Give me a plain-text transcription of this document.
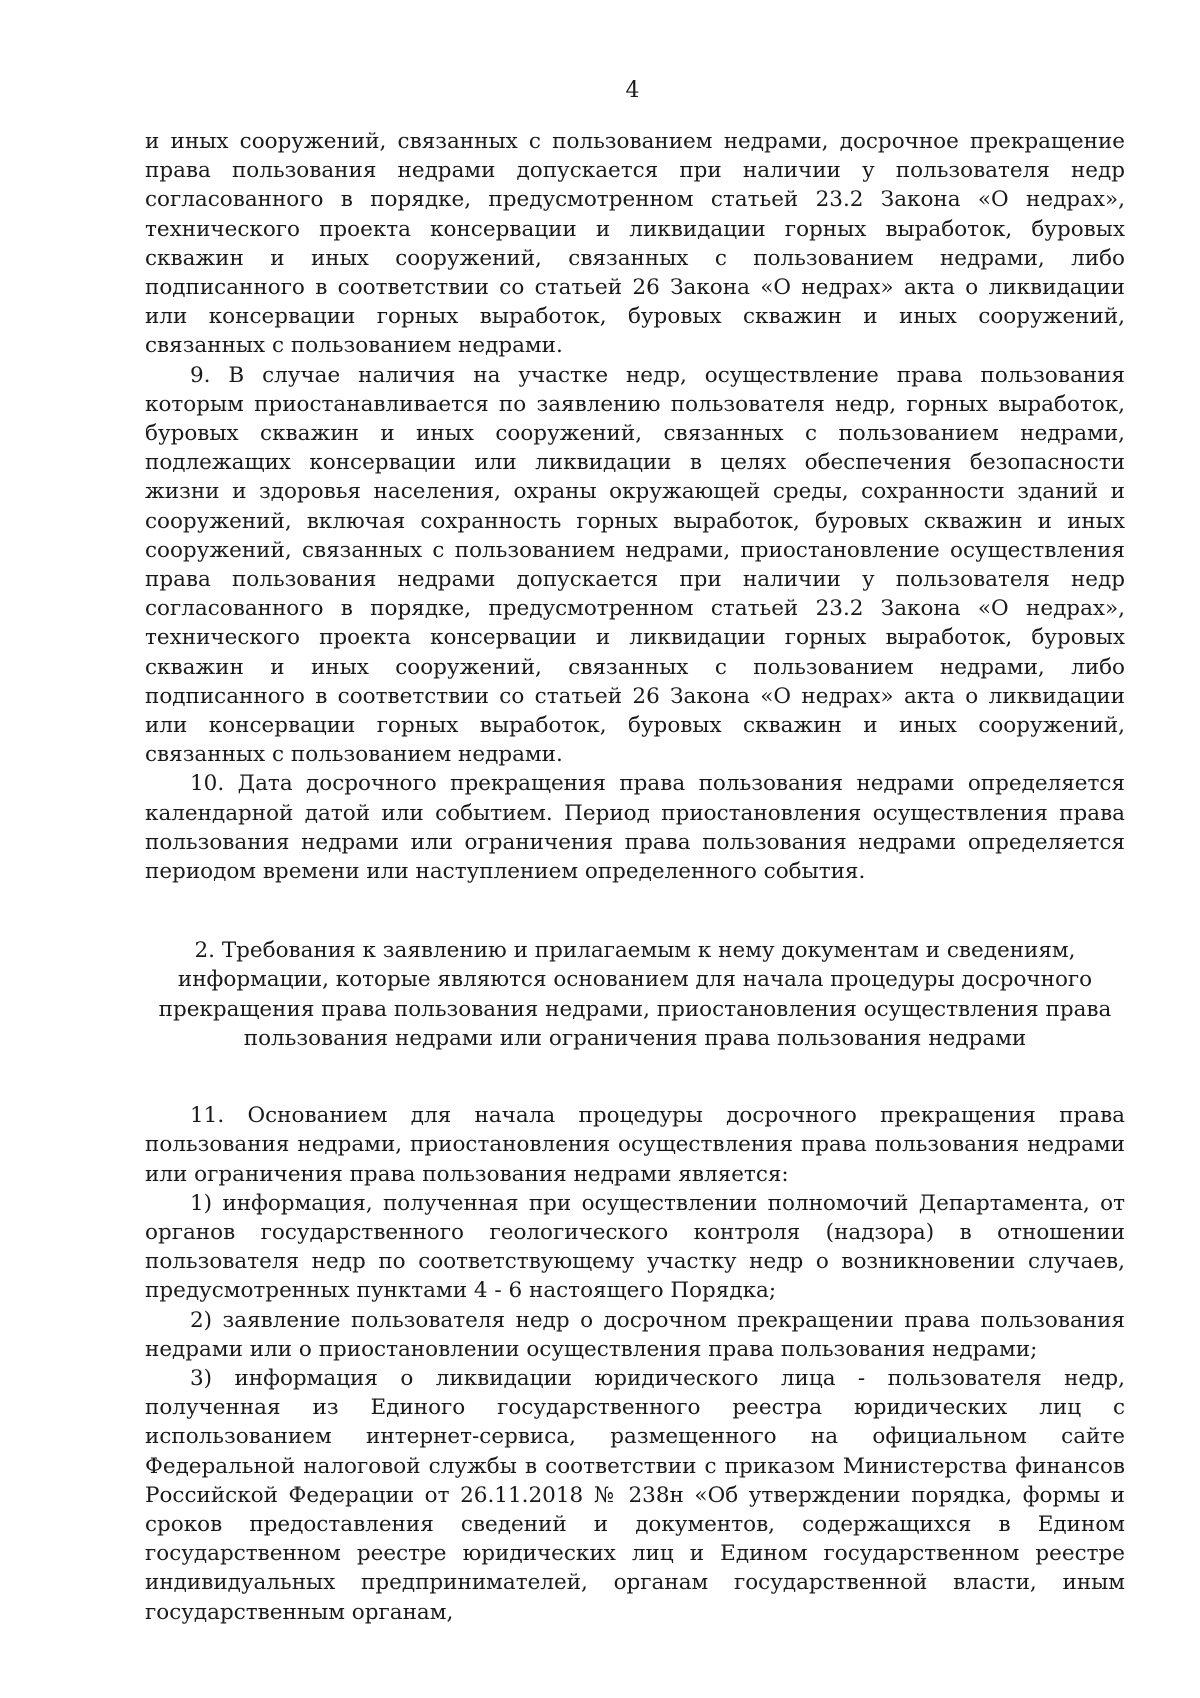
4

и иных сооружений, связанных с пользованием недрами, досрочное прекращение права пользования недрами допускается при наличии у пользователя недр согласованного в порядке, предусмотренном статьей 23.2 Закона «О недрах», технического проекта консервации и ликвидации горных выработок, буровых скважин и иных сооружений, связанных с пользованием недрами, либо подписанного в соответствии со статьей 26 Закона «О недрах» акта о ликвидации или консервации горных выработок, буровых скважин и иных сооружений, связанных с пользованием недрами.

9. В случае наличия на участке недр, осуществление права пользования которым приостанавливается по заявлению пользователя недр, горных выработок, буровых скважин и иных сооружений, связанных с пользованием недрами, подлежащих консервации или ликвидации в целях обеспечения безопасности жизни и здоровья населения, охраны окружающей среды, сохранности зданий и сооружений, включая сохранность горных выработок, буровых скважин и иных сооружений, связанных с пользованием недрами, приостановление осуществления права пользования недрами допускается при наличии у пользователя недр согласованного в порядке, предусмотренном статьей 23.2 Закона «О недрах», технического проекта консервации и ликвидации горных выработок, буровых скважин и иных сооружений, связанных с пользованием недрами, либо подписанного в соответствии со статьей 26 Закона «О недрах» акта о ликвидации или консервации горных выработок, буровых скважин и иных сооружений, связанных с пользованием недрами.

10. Дата досрочного прекращения права пользования недрами определяется календарной датой или событием. Период приостановления осуществления права пользования недрами или ограничения права пользования недрами определяется периодом времени или наступлением определенного события.

2. Требования к заявлению и прилагаемым к нему документам и сведениям,
информации, которые являются основанием для начала процедуры досрочного
прекращения права пользования недрами, приостановления осуществления права
пользования недрами или ограничения права пользования недрами

11. Основанием для начала процедуры досрочного прекращения права пользования недрами, приостановления осуществления права пользования недрами или ограничения права пользования недрами является:

1) информация, полученная при осуществлении полномочий Департамента, от органов государственного геологического контроля (надзора) в отношении пользователя недр по соответствующему участку недр о возникновении случаев, предусмотренных пунктами 4 - 6 настоящего Порядка;

2) заявление пользователя недр о досрочном прекращении права пользования недрами или о приостановлении осуществления права пользования недрами;

3) информация о ликвидации юридического лица - пользователя недр, полученная из Единого государственного реестра юридических лиц с использованием интернет-сервиса, размещенного на официальном сайте Федеральной налоговой службы в соответствии с приказом Министерства финансов Российской Федерации от 26.11.2018 № 238н «Об утверждении порядка, формы и сроков предоставления сведений и документов, содержащихся в Едином государственном реестре юридических лиц и Едином государственном реестре индивидуальных предпринимателей, органам государственной власти, иным государственным органам,
